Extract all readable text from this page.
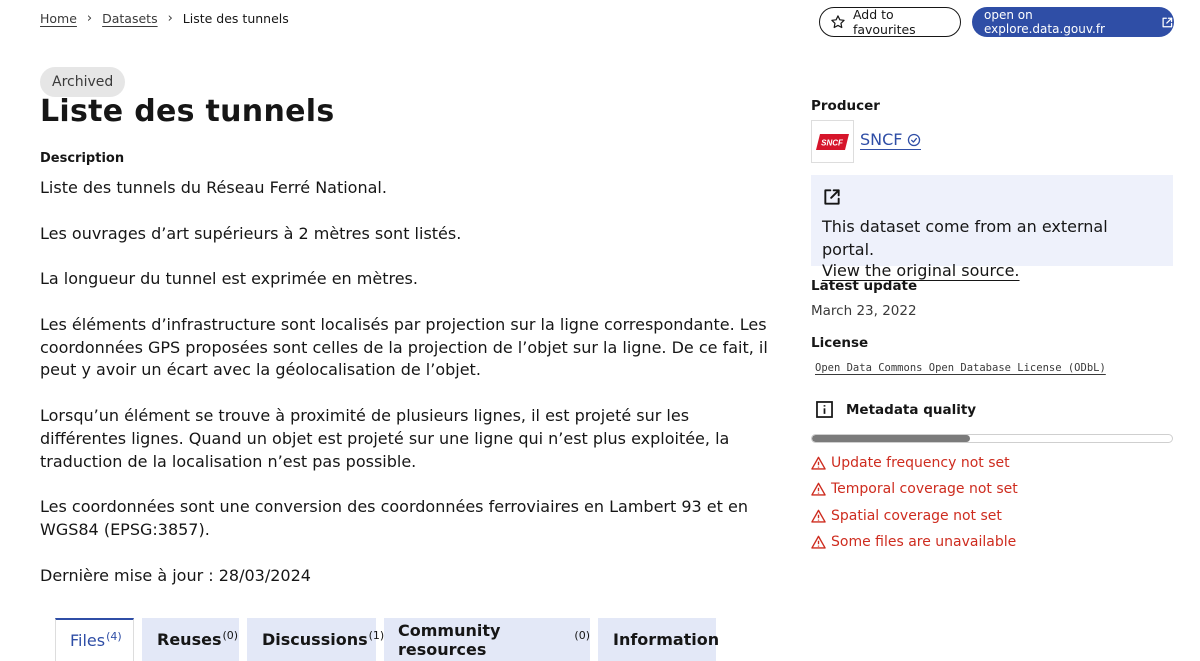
Home › Datasets › Liste des tunnels	Add to favourites
open on explore.data.gouv.fr
Archived
Liste des tunnels
Description

Liste des tunnels du Réseau Ferré National.

Les ouvrages d’art supérieurs à 2 mètres sont listés.

La longueur du tunnel est exprimée en mètres.

Les éléments d’infrastructure sont localisés par projection sur la ligne correspondante. Les coordonnées GPS proposées sont celles de la projection de l’objet sur la ligne. De ce fait, il peut y avoir un écart avec la géolocalisation de l’objet.

Lorsqu’un élément se trouve à proximité de plusieurs lignes, il est projeté sur les différentes lignes. Quand un objet est projeté sur une ligne qui n’est plus exploitée, la traduction de la localisation n’est pas possible.

Les coordonnées sont une conversion des coordonnées ferroviaires en Lambert 93 et en WGS84 (EPSG:3857).

Dernière mise à jour : 28/03/2024

Producer
SNCF SNCF
This dataset come from an external portal.
View the original source.
Latest update
March 23, 2022
License
Open Data Commons Open Database License (ODbL)
Metadata quality
Update frequency not set
Temporal coverage not set
Spatial coverage not set
Some files are unavailable
Files$^{(4)}$ Reuses$^{(0)}$ Discussions$^{(1)}$ Community resources
$^{(0)}$ Information
